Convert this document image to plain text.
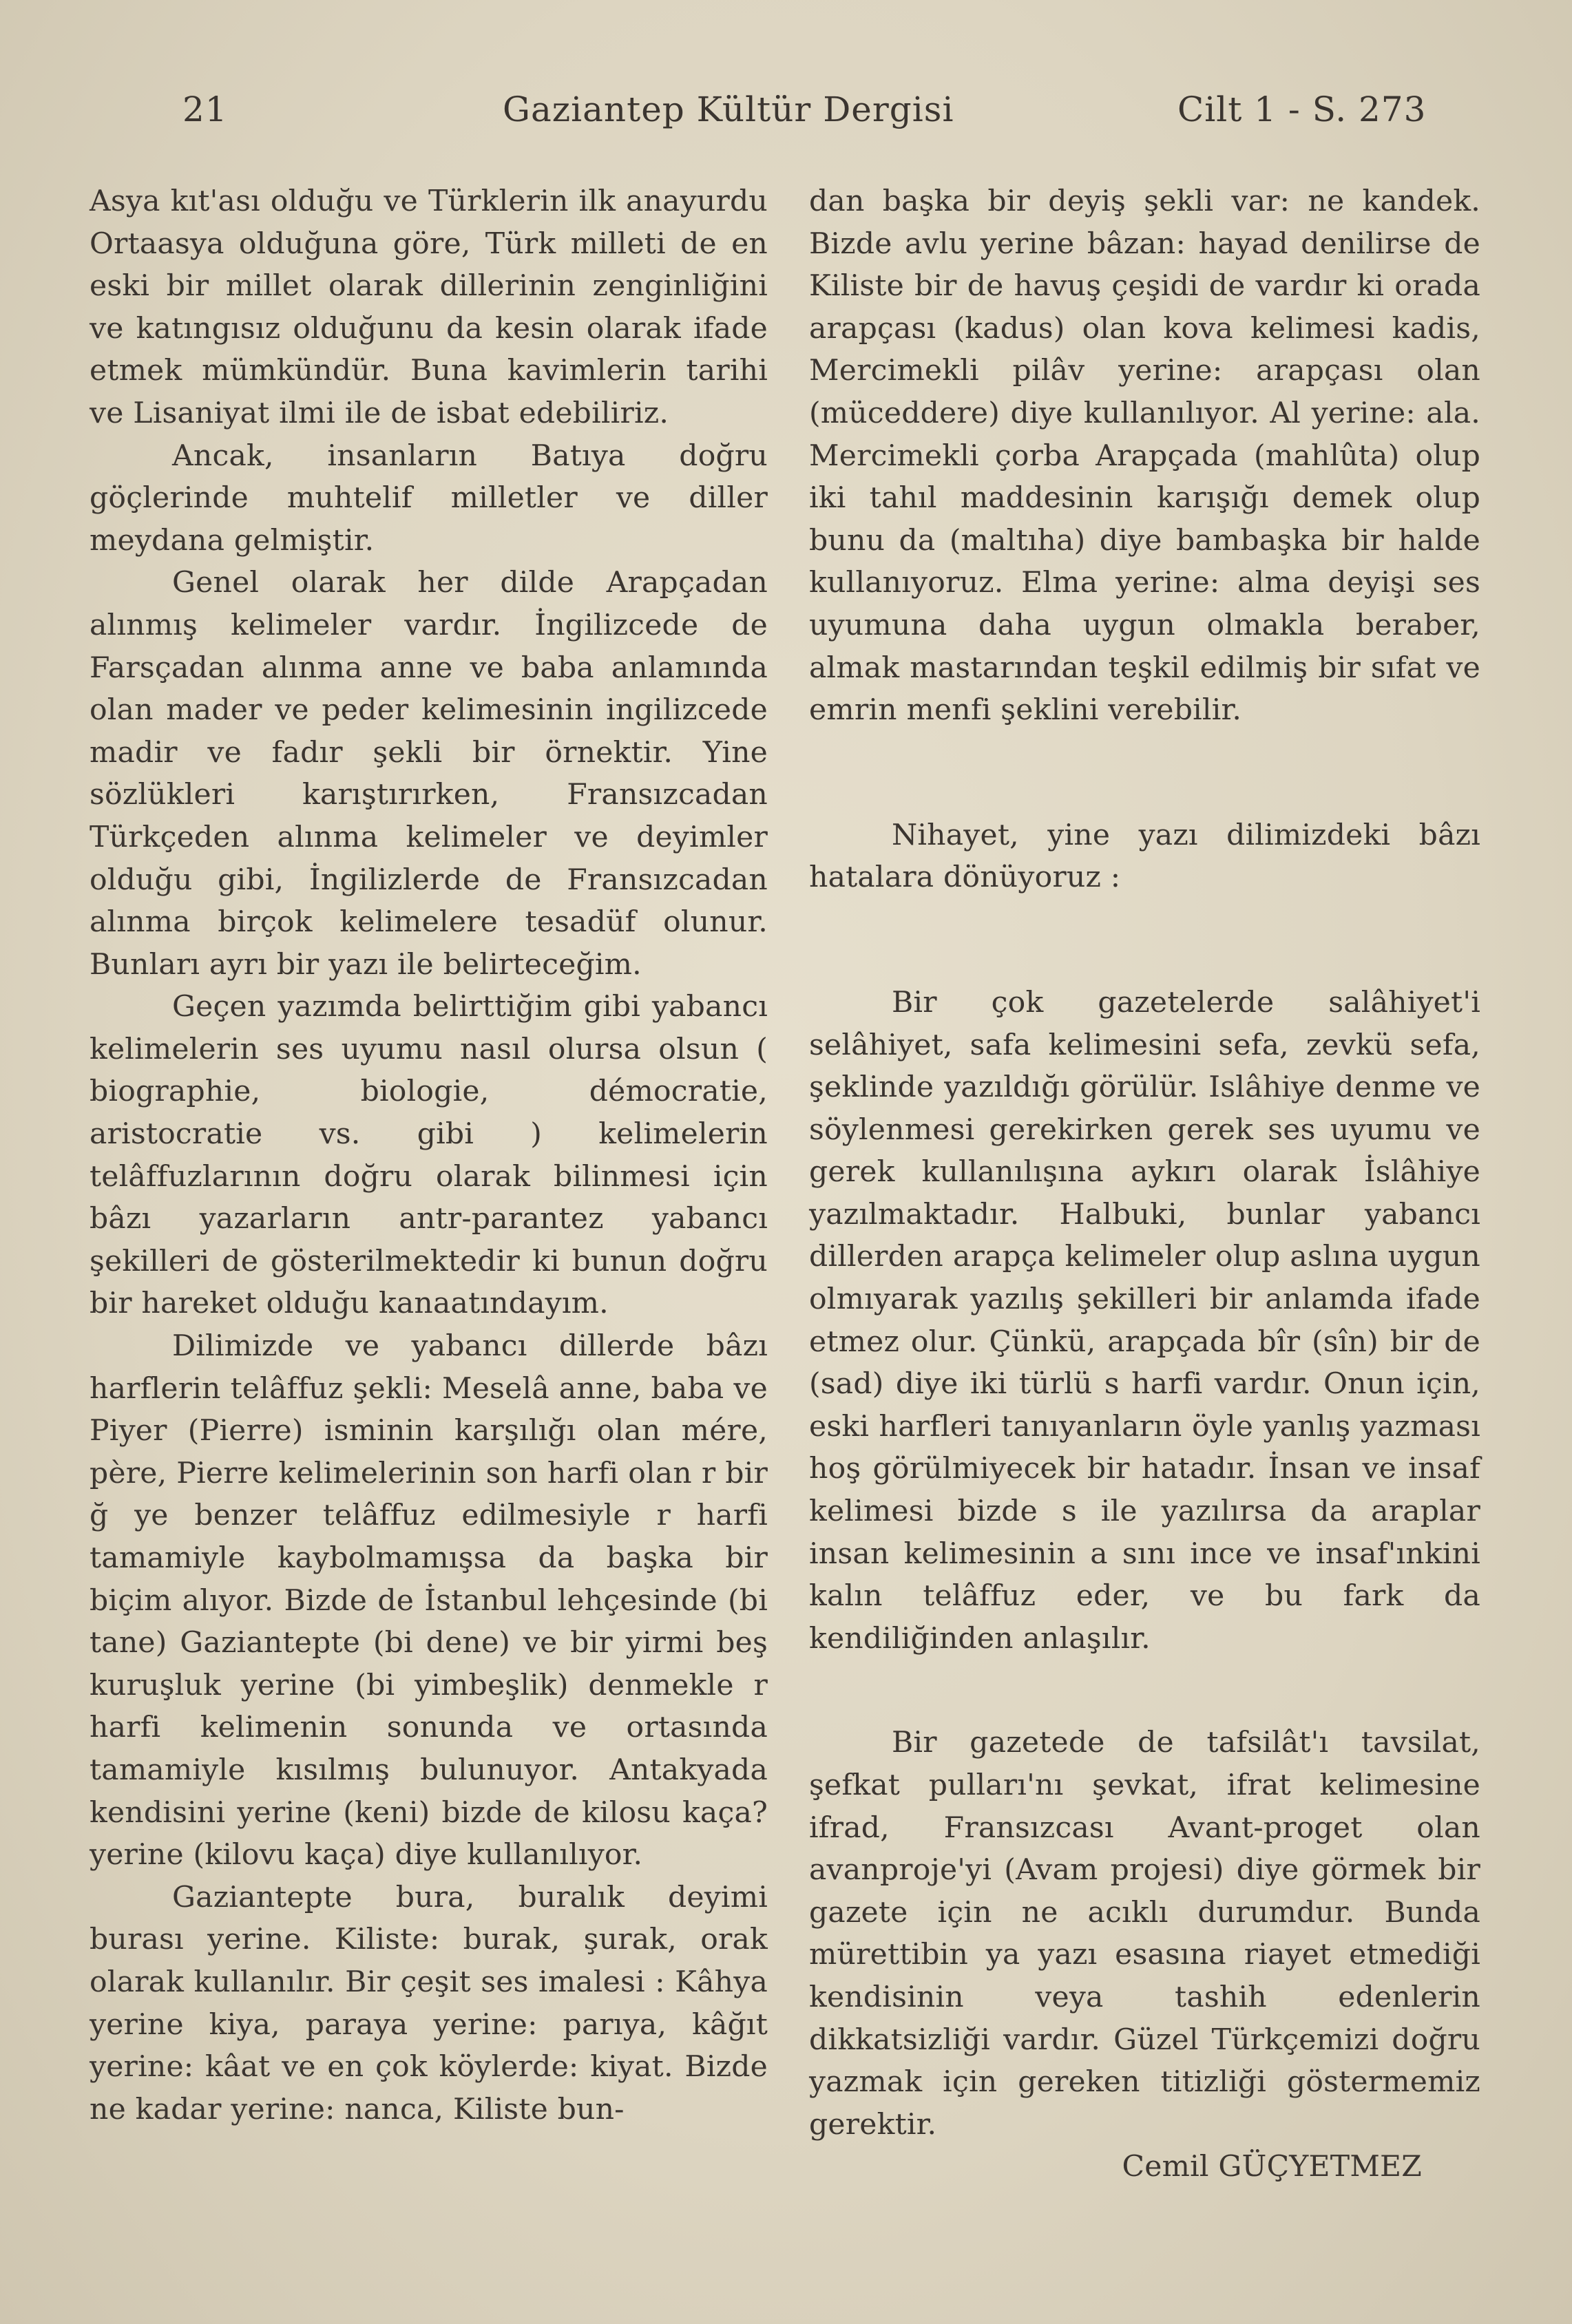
21	Gaziantep Kültür Dergisi	Cilt 1 - S. 273

Asya kıt'ası olduğu ve Türklerin ilk anayurdu Ortaasya olduğuna göre, Türk milleti de en eski bir millet olarak dillerinin zenginliğini ve katıngısız olduğunu da kesin olarak ifade etmek mümkündür. Buna kavimlerin tarihi ve Lisaniyat ilmi ile de isbat edebiliriz.

Ancak, insanların Batıya doğru göçlerinde muhtelif milletler ve diller meydana gelmiştir.

Genel olarak her dilde Arapçadan alınmış kelimeler vardır. İngilizcede de Farsçadan alınma anne ve baba anlamında olan mader ve peder kelimesinin ingilizcede madir ve fadır şekli bir örnektir. Yine sözlükleri karıştırırken, Fransızcadan Türkçeden alınma kelimeler ve deyimler olduğu gibi, İngilizlerde de Fransızcadan alınma birçok kelimelere tesadüf olunur. Bunları ayrı bir yazı ile belirteceğim.

Geçen yazımda belirttiğim gibi yabancı kelimelerin ses uyumu nasıl olursa olsun ( biographie, biologie, démocratie, aristocratie vs. gibi ) kelimelerin telâffuzlarının doğru olarak bilinmesi için bâzı yazarların antr-parantez yabancı şekilleri de gösterilmektedir ki bunun doğru bir hareket olduğu kanaatındayım.

Dilimizde ve yabancı dillerde bâzı harflerin telâffuz şekli: Meselâ anne, baba ve Piyer (Pierre) isminin karşılığı olan mére, père, Pierre kelimelerinin son harfi olan r bir ğ ye benzer telâffuz edilmesiyle r harfi tamamiyle kaybolmamışsa da başka bir biçim alıyor. Bizde de İstanbul lehçesinde (bi tane) Gaziantepte (bi dene) ve bir yirmi beş kuruşluk yerine (bi yimbeşlik) denmekle r harfi kelimenin sonunda ve ortasında tamamiyle kısılmış bulunuyor. Antakyada kendisini yerine (keni) bizde de kilosu kaça? yerine (kilovu kaça) diye kullanılıyor.

Gaziantepte bura, buralık deyimi burası yerine. Kiliste: burak, şurak, orak olarak kullanılır. Bir çeşit ses imalesi : Kâhya yerine kiya, paraya yerine: parıya, kâğıt yerine: kâat ve en çok köylerde: kiyat. Bizde ne kadar yerine: nanca, Kiliste bun-

dan başka bir deyiş şekli var: ne kandek. Bizde avlu yerine bâzan: hayad denilirse de Kiliste bir de havuş çeşidi de vardır ki orada arapçası (kadus) olan kova kelimesi kadis, Mercimekli pilâv yerine: arapçası olan (müceddere) diye kullanılıyor. Al yerine: ala. Mercimekli çorba Arapçada (mahlûta) olup iki tahıl maddesinin karışığı demek olup bunu da (maltıha) diye bambaşka bir halde kullanıyoruz. Elma yerine: alma deyişi ses uyumuna daha uygun olmakla beraber, almak mastarından teşkil edilmiş bir sıfat ve emrin menfi şeklini verebilir.

Nihayet, yine yazı dilimizdeki bâzı hatalara dönüyoruz :

Bir çok gazetelerde salâhiyet'i selâhiyet, safa kelimesini sefa, zevkü sefa, şeklinde yazıldığı görülür. Islâhiye denme ve söylenmesi gerekirken gerek ses uyumu ve gerek kullanılışına aykırı olarak İslâhiye yazılmaktadır. Halbuki, bunlar yabancı dillerden arapça kelimeler olup aslına uygun olmıyarak yazılış şekilleri bir anlamda ifade etmez olur. Çünkü, arapçada bîr (sîn) bir de (sad) diye iki türlü s harfi vardır. Onun için, eski harfleri tanıyanların öyle yanlış yazması hoş görülmiyecek bir hatadır. İnsan ve insaf kelimesi bizde s ile yazılırsa da araplar insan kelimesinin a sını ince ve insaf'ınkini kalın telâffuz eder, ve bu fark da kendiliğinden anlaşılır.

Bir gazetede de tafsilât'ı tavsilat, şefkat pulları'nı şevkat, ifrat kelimesine ifrad, Fransızcası Avant-proget olan avanproje'yi (Avam projesi) diye görmek bir gazete için ne acıklı durumdur. Bunda mürettibin ya yazı esasına riayet etmediği kendisinin veya tashih edenlerin dikkatsizliği vardır. Güzel Türkçemizi doğru yazmak için gereken titizliği göstermemiz gerektir.

Cemil GÜÇYETMEZ
